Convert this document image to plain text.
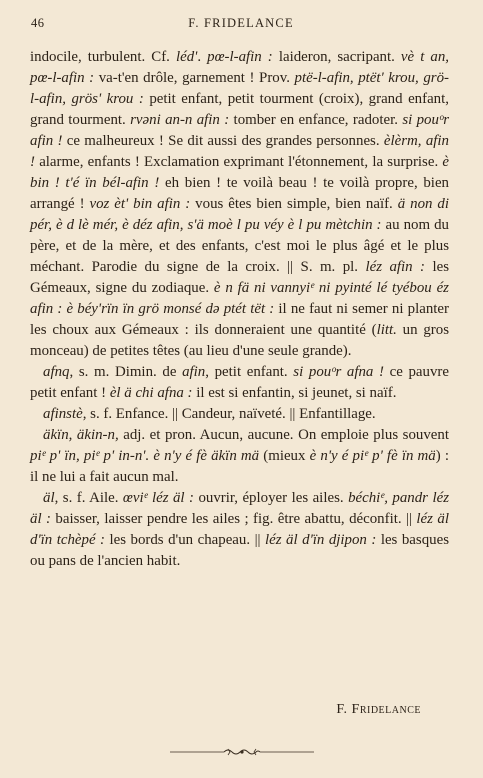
46	F. FRIDELANCE

indocile, turbulent. Cf. léd'. pœ-l-afin : laideron, sacripant. vè t an, pœ-l-afin : va-t'en drôle, garnement ! Prov. ptë-l-afin, ptët' krou, grö-l-afin, grös' krou : petit enfant, petit tourment (croix), grand enfant, grand tourment. rvəni an-n afin : tomber en enfance, radoter. si pouᵒr afin ! ce malheureux ! Se dit aussi des grandes personnes. èlèrm, afin ! alarme, enfants ! Exclamation exprimant l'étonnement, la surprise. è bin ! t'é ïn bél-afin ! eh bien ! te voilà beau ! te voilà propre, bien arrangé ! voz èt' bin afin : vous êtes bien simple, bien naïf. ä non di pér, è d lè mér, è déz afin, s'ä moè l pu véy è l pu mètchin : au nom du père, et de la mère, et des enfants, c'est moi le plus âgé et le plus méchant. Parodie du signe de la croix. || S. m. pl. léz afin : les Gémeaux, signe du zodiaque. è n fä ni vannyiᵉ ni pyinté lé tyébou éz afin : è béy'rïn ïn grö monsé də ptét tët : il ne faut ni semer ni planter les choux aux Gémeaux : ils donneraient une quantité (litt. un gros monceau) de petites têtes (au lieu d'une seule grande).

afnq, s. m. Dimin. de afin, petit enfant. si pouᵒr afna ! ce pauvre petit enfant ! èl ä chi afna : il est si enfantin, si jeunet, si naïf.

afinstè, s. f. Enfance. || Candeur, naïveté. || Enfantillage.

äkïn, äkin-n, adj. et pron. Aucun, aucune. On emploie plus souvent piᵉ p' ïn, piᵉ p' in-n'. è n'y é fè äkïn mä (mieux è n'y é piᵉ p' fè ïn mä) : il ne lui a fait aucun mal.

äl, s. f. Aile. œviᵉ léz äl : ouvrir, éployer les ailes. béchiᵉ, pandr léz äl : baisser, laisser pendre les ailes ; fig. être abattu, déconfit. || léz äl d'ïn tchèpé : les bords d'un chapeau. || léz äl d'ïn djipon : les basques ou pans de l'ancien habit.

F. Fridelance
